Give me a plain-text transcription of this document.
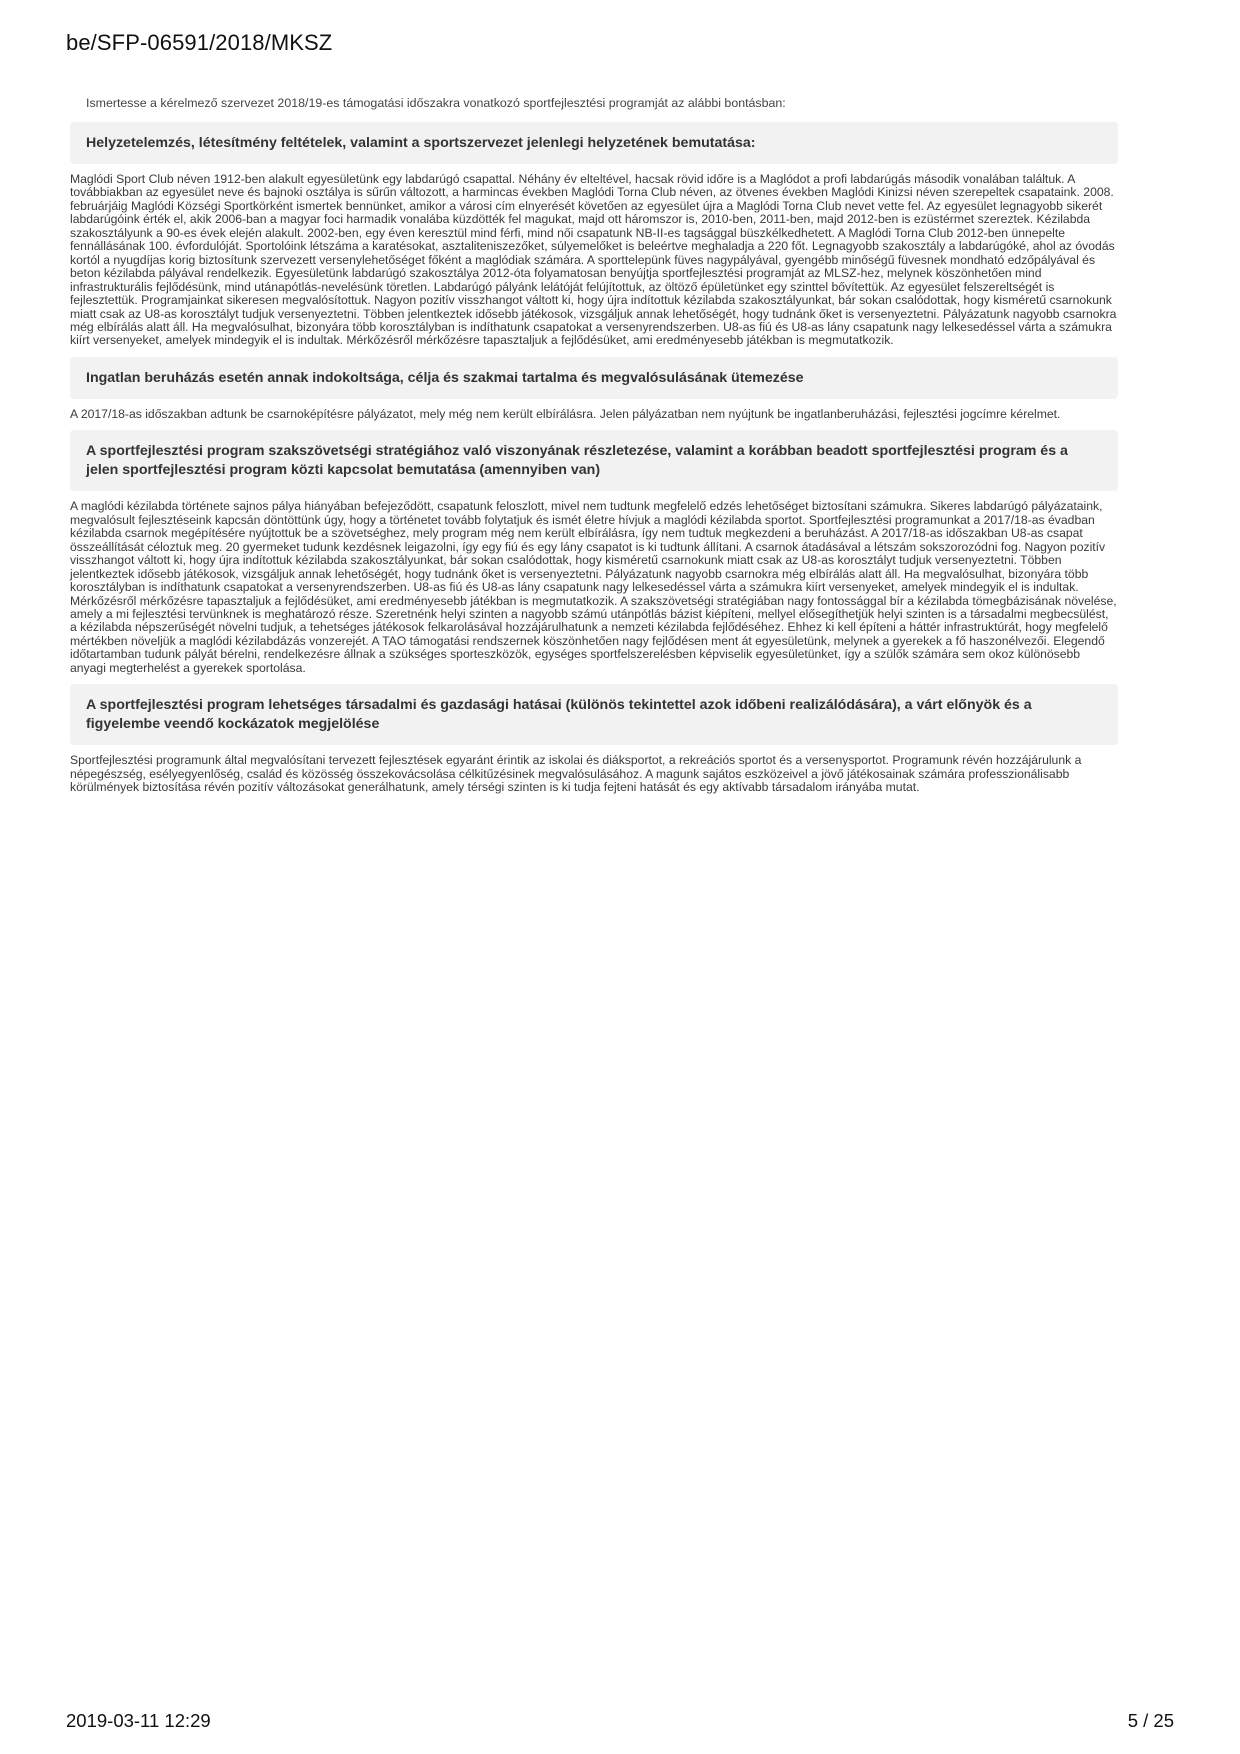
be/SFP-06591/2018/MKSZ

Ismertesse a kérelmező szervezet 2018/19-es támogatási időszakra vonatkozó sportfejlesztési programját az alábbi bontásban:

Helyzetelemzés, létesítmény feltételek, valamint a sportszervezet jelenlegi helyzetének bemutatása:

Maglódi Sport Club néven 1912-ben alakult egyesületünk egy labdarúgó csapattal. Néhány év elteltével, hacsak rövid időre is a Maglódot a profi labdarúgás második vonalában találtuk. A továbbiakban az egyesület neve és bajnoki osztálya is sűrűn változott, a harmincas években Maglódi Torna Club néven, az ötvenes években Maglódi Kinizsi néven szerepeltek csapataink. 2008. februárjáig Maglódi Községi Sportkörként ismertek bennünket, amikor a városi cím elnyerését követően az egyesület újra a Maglódi Torna Club nevet vette fel. Az egyesület legnagyobb sikerét labdarúgóink érték el, akik 2006-ban a magyar foci harmadik vonalába küzdötték fel magukat, majd ott háromszor is, 2010-ben, 2011-ben, majd 2012-ben is ezüstérmet szereztek. Kézilabda szakosztályunk a 90-es évek elején alakult. 2002-ben, egy éven keresztül mind férfi, mind női csapatunk NB-II-es tagsággal büszkélkedhetett. A Maglódi Torna Club 2012-ben ünnepelte fennállásának 100. évfordulóját. Sportolóink létszáma a karatésokat, asztaliteniszezőket, súlyemelőket is beleértve meghaladja a 220 főt. Legnagyobb szakosztály a labdarúgóké, ahol az óvodás kortól a nyugdíjas korig biztosítunk szervezett versenylehetőséget főként a maglódiak számára. A sporttelepünk füves nagypályával, gyengébb minőségű füvesnek mondható edzőpályával és beton kézilabda pályával rendelkezik. Egyesületünk labdarúgó szakosztálya 2012-óta folyamatosan benyújtja sportfejlesztési programját az MLSZ-hez, melynek köszönhetően mind infrastrukturális fejlődésünk, mind utánapótlás-nevelésünk töretlen. Labdarúgó pályánk lelátóját felújítottuk, az öltöző épületünket egy szinttel bővítettük. Az egyesület felszereltségét is fejlesztettük. Programjainkat sikeresen megvalósítottuk. Nagyon pozitív visszhangot váltott ki, hogy újra indítottuk kézilabda szakosztályunkat, bár sokan csalódottak, hogy kisméretű csarnokunk miatt csak az U8-as korosztályt tudjuk versenyeztetni. Többen jelentkeztek idősebb játékosok, vizsgáljuk annak lehetőségét, hogy tudnánk őket is versenyeztetni. Pályázatunk nagyobb csarnokra még elbírálás alatt áll. Ha megvalósulhat, bizonyára több korosztályban is indíthatunk csapatokat a versenyrendszerben. U8-as fiú és U8-as lány csapatunk nagy lelkesedéssel várta a számukra kiírt versenyeket, amelyek mindegyik el is indultak. Mérkőzésről mérkőzésre tapasztaljuk a fejlődésüket, ami eredményesebb játékban is megmutatkozik.

Ingatlan beruházás esetén annak indokoltsága, célja és szakmai tartalma és megvalósulásának ütemezése

A 2017/18-as időszakban adtunk be csarnoképítésre pályázatot, mely még nem került elbírálásra. Jelen pályázatban nem nyújtunk be ingatlanberuházási, fejlesztési jogcímre kérelmet.

A sportfejlesztési program szakszövetségi stratégiához való viszonyának részletezése, valamint a korábban beadott sportfejlesztési program és a jelen sportfejlesztési program közti kapcsolat bemutatása (amennyiben van)

A maglódi kézilabda története sajnos pálya hiányában befejeződött, csapatunk feloszlott, mivel nem tudtunk megfelelő edzés lehetőséget biztosítani számukra. Sikeres labdarúgó pályázataink, megvalósult fejlesztéseink kapcsán döntöttünk úgy, hogy a történetet tovább folytatjuk és ismét életre hívjuk a maglódi kézilabda sportot. Sportfejlesztési programunkat a 2017/18-as évadban kézilabda csarnok megépítésére nyújtottuk be a szövetséghez, mely program még nem került elbírálásra, így nem tudtuk megkezdeni a beruházást. A 2017/18-as időszakban U8-as csapat összeállítását céloztuk meg. 20 gyermeket tudunk kezdésnek leigazolni, így egy fiú és egy lány csapatot is ki tudtunk állítani. A csarnok átadásával a létszám sokszorozódni fog. Nagyon pozitív visszhangot váltott ki, hogy újra indítottuk kézilabda szakosztályunkat, bár sokan csalódottak, hogy kisméretű csarnokunk miatt csak az U8-as korosztályt tudjuk versenyeztetni. Többen jelentkeztek idősebb játékosok, vizsgáljuk annak lehetőségét, hogy tudnánk őket is versenyeztetni. Pályázatunk nagyobb csarnokra még elbírálás alatt áll. Ha megvalósulhat, bizonyára több korosztályban is indíthatunk csapatokat a versenyrendszerben. U8-as fiú és U8-as lány csapatunk nagy lelkesedéssel várta a számukra kiírt versenyeket, amelyek mindegyik el is indultak. Mérkőzésről mérkőzésre tapasztaljuk a fejlődésüket, ami eredményesebb játékban is megmutatkozik. A szakszövetségi stratégiában nagy fontossággal bír a kézilabda tömegbázisának növelése, amely a mi fejlesztési tervünknek is meghatározó része. Szeretnénk helyi szinten a nagyobb számú utánpótlás bázist kiépíteni, mellyel elősegíthetjük helyi szinten is a társadalmi megbecsülést, a kézilabda népszerűségét növelni tudjuk, a tehetséges játékosok felkarolásával hozzájárulhatunk a nemzeti kézilabda fejlődéséhez. Ehhez ki kell építeni a háttér infrastruktúrát, hogy megfelelő mértékben növeljük a maglódi kézilabdázás vonzerejét. A TAO támogatási rendszernek köszönhetően nagy fejlődésen ment át egyesületünk, melynek a gyerekek a fő haszonélvezői. Elegendő időtartamban tudunk pályát bérelni, rendelkezésre állnak a szükséges sporteszközök, egységes sportfelszerelésben képviselik egyesületünket, így a szülők számára sem okoz különösebb anyagi megterhelést a gyerekek sportolása.

A sportfejlesztési program lehetséges társadalmi és gazdasági hatásai (különös tekintettel azok időbeni realizálódására), a várt előnyök és a figyelembe veendő kockázatok megjelölése

Sportfejlesztési programunk által megvalósítani tervezett fejlesztések egyaránt érintik az iskolai és diáksportot, a rekreációs sportot és a versenysportot. Programunk révén hozzájárulunk a népegészség, esélyegyenlőség, család és közösség összekovácsolása célkitűzésinek megvalósulásához. A magunk sajátos eszközeivel a jövő játékosainak számára professzionálisabb körülmények biztosítása révén pozitív változásokat generálhatunk, amely térségi szinten is ki tudja fejteni hatását és egy aktívabb társadalom irányába mutat.

2019-03-11 12:29	5 / 25
